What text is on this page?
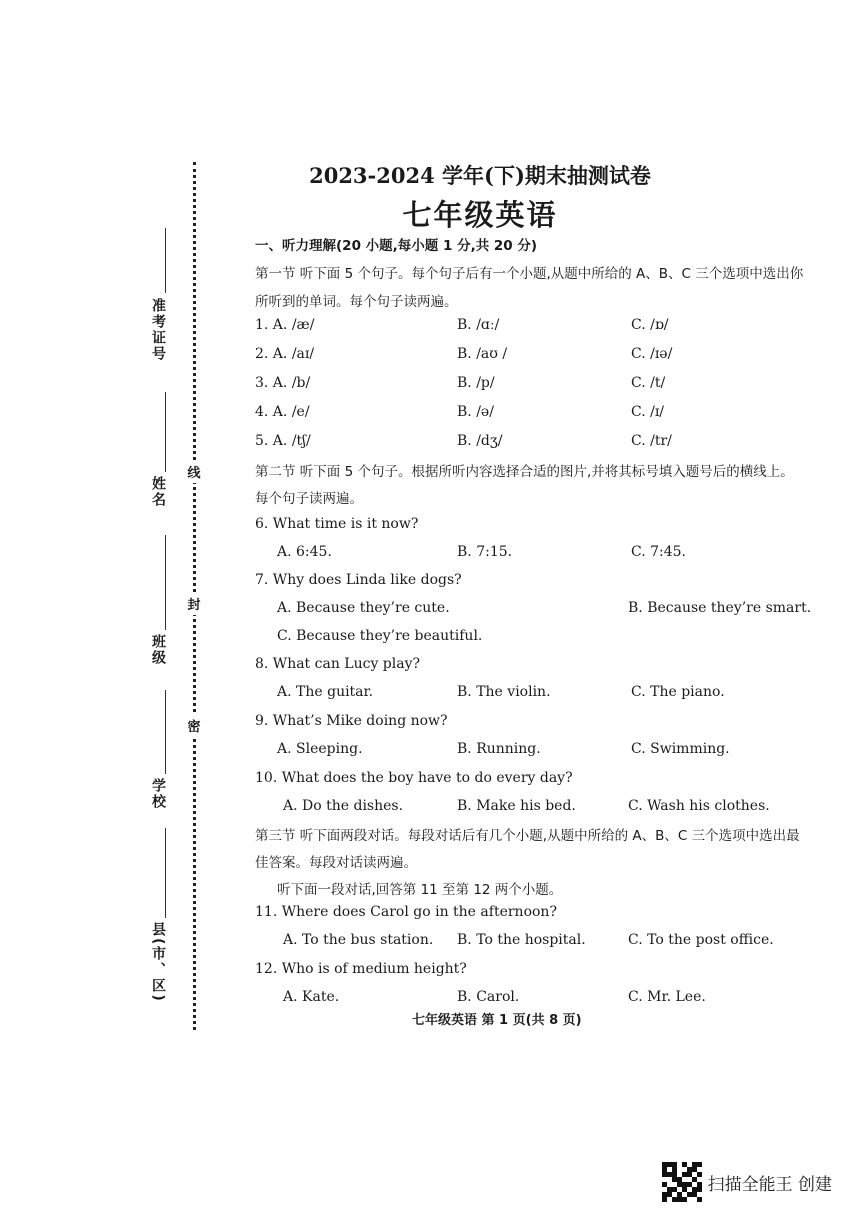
准考证号
姓名
班级
学校
县(市、区)
线
封
密
2023-2024 学年(下)期末抽测试卷
七年级英语
一、听力理解(20 小题,每小题 1 分,共 20 分)
第一节 听下面 5 个句子。每个句子后有一个小题,从题中所给的 A、B、C 三个选项中选出你
所听到的单词。每个句子读两遍。
1. A. /æ/	B. /ɑː/	C. /ɒ/
2. A. /aɪ/	B. /aʊ /	C. /ɪə/
3. A. /b/	B. /p/	C. /t/
4. A. /e/	B. /ə/	C. /ɪ/
5. A. /tʃ/	B. /dʒ/	C. /tr/
第二节 听下面 5 个句子。根据所听内容选择合适的图片,并将其标号填入题号后的横线上。
每个句子读两遍。
6. What time is it now?
A. 6:45.	B. 7:15.	C. 7:45.
7. Why does Linda like dogs?
A. Because they’re cute.	B. Because they’re smart.
C. Because they’re beautiful.
8. What can Lucy play?
A. The guitar.	B. The violin.	C. The piano.
9. What’s Mike doing now?
A. Sleeping.	B. Running.	C. Swimming.
10. What does the boy have to do every day?
A. Do the dishes.	B. Make his bed.	C. Wash his clothes.
第三节 听下面两段对话。每段对话后有几个小题,从题中所给的 A、B、C 三个选项中选出最
佳答案。每段对话读两遍。
听下面一段对话,回答第 11 至第 12 两个小题。
11. Where does Carol go in the afternoon?
A. To the bus station. B. To the hospital.	C. To the post office.
12. Who is of medium height?
A. Kate.	B. Carol.	C. Mr. Lee.
七年级英语 第 1 页(共 8 页)
扫描全能王 创建
